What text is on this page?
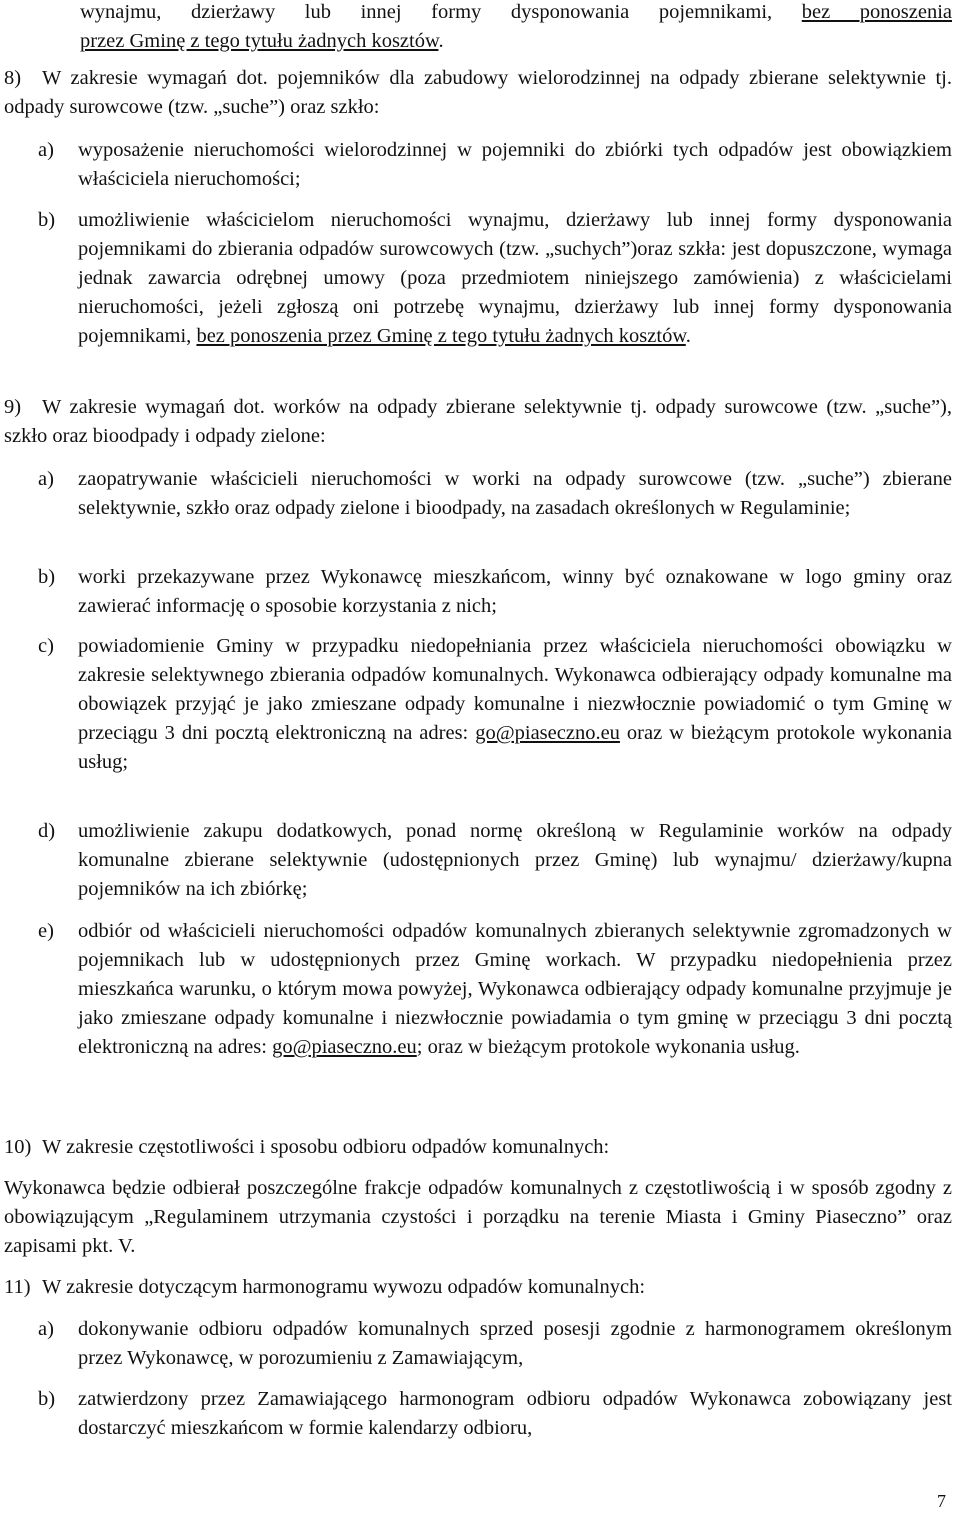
wynajmu, dzierżawy lub innej formy dysponowania pojemnikami, bez ponoszenia
przez Gminę z tego tytułu żadnych kosztów.
8) W zakresie wymagań dot. pojemników dla zabudowy wielorodzinnej na odpady zbierane selektywnie tj. odpady surowcowe (tzw. „suche”) oraz szkło:
a) wyposażenie nieruchomości wielorodzinnej w pojemniki do zbiórki tych odpadów jest obowiązkiem właściciela nieruchomości;
b) umożliwienie właścicielom nieruchomości wynajmu, dzierżawy lub innej formy dysponowania pojemnikami do zbierania odpadów surowcowych (tzw. „suchych”)oraz szkła: jest dopuszczone, wymaga jednak zawarcia odrębnej umowy (poza przedmiotem niniejszego zamówienia) z właścicielami nieruchomości, jeżeli zgłoszą oni potrzebę wynajmu, dzierżawy lub innej formy dysponowania pojemnikami, bez ponoszenia przez Gminę z tego tytułu żadnych kosztów.
9) W zakresie wymagań dot. worków na odpady zbierane selektywnie tj. odpady surowcowe (tzw. „suche”), szkło oraz bioodpady i odpady zielone:
a) zaopatrywanie właścicieli nieruchomości w worki na odpady surowcowe (tzw. „suche”) zbierane selektywnie, szkło oraz odpady zielone i bioodpady, na zasadach określonych w Regulaminie;
b) worki przekazywane przez Wykonawcę mieszkańcom, winny być oznakowane w logo gminy oraz zawierać informację o sposobie korzystania z nich;
c) powiadomienie Gminy w przypadku niedopełniania przez właściciela nieruchomości obowiązku w zakresie selektywnego zbierania odpadów komunalnych. Wykonawca odbierający odpady komunalne ma obowiązek przyjąć je jako zmieszane odpady komunalne i niezwłocznie powiadomić o tym Gminę w przeciągu 3 dni pocztą elektroniczną na adres: go@piaseczno.eu oraz w bieżącym protokole wykonania usług;
d) umożliwienie zakupu dodatkowych, ponad normę określoną w Regulaminie worków na odpady komunalne zbierane selektywnie (udostępnionych przez Gminę) lub wynajmu/ dzierżawy/kupna pojemników na ich zbiórkę;
e) odbiór od właścicieli nieruchomości odpadów komunalnych zbieranych selektywnie zgromadzonych w pojemnikach lub w udostępnionych przez Gminę workach. W przypadku niedopełnienia przez mieszkańca warunku, o którym mowa powyżej, Wykonawca odbierający odpady komunalne przyjmuje je jako zmieszane odpady komunalne i niezwłocznie powiadamia o tym gminę w przeciągu 3 dni pocztą elektroniczną na adres: go@piaseczno.eu; oraz w bieżącym protokole wykonania usług.
10) W zakresie częstotliwości i sposobu odbioru odpadów komunalnych:
Wykonawca będzie odbierał poszczególne frakcje odpadów komunalnych z częstotliwością i w sposób zgodny z obowiązującym „Regulaminem utrzymania czystości i porządku na terenie Miasta i Gminy Piaseczno” oraz zapisami pkt. V.
11) W zakresie dotyczącym harmonogramu wywozu odpadów komunalnych:
a) dokonywanie odbioru odpadów komunalnych sprzed posesji zgodnie z harmonogramem określonym przez Wykonawcę, w porozumieniu z Zamawiającym,
b) zatwierdzony przez Zamawiającego harmonogram odbioru odpadów Wykonawca zobowiązany jest dostarczyć mieszkańcom w formie kalendarzy odbioru,
7
